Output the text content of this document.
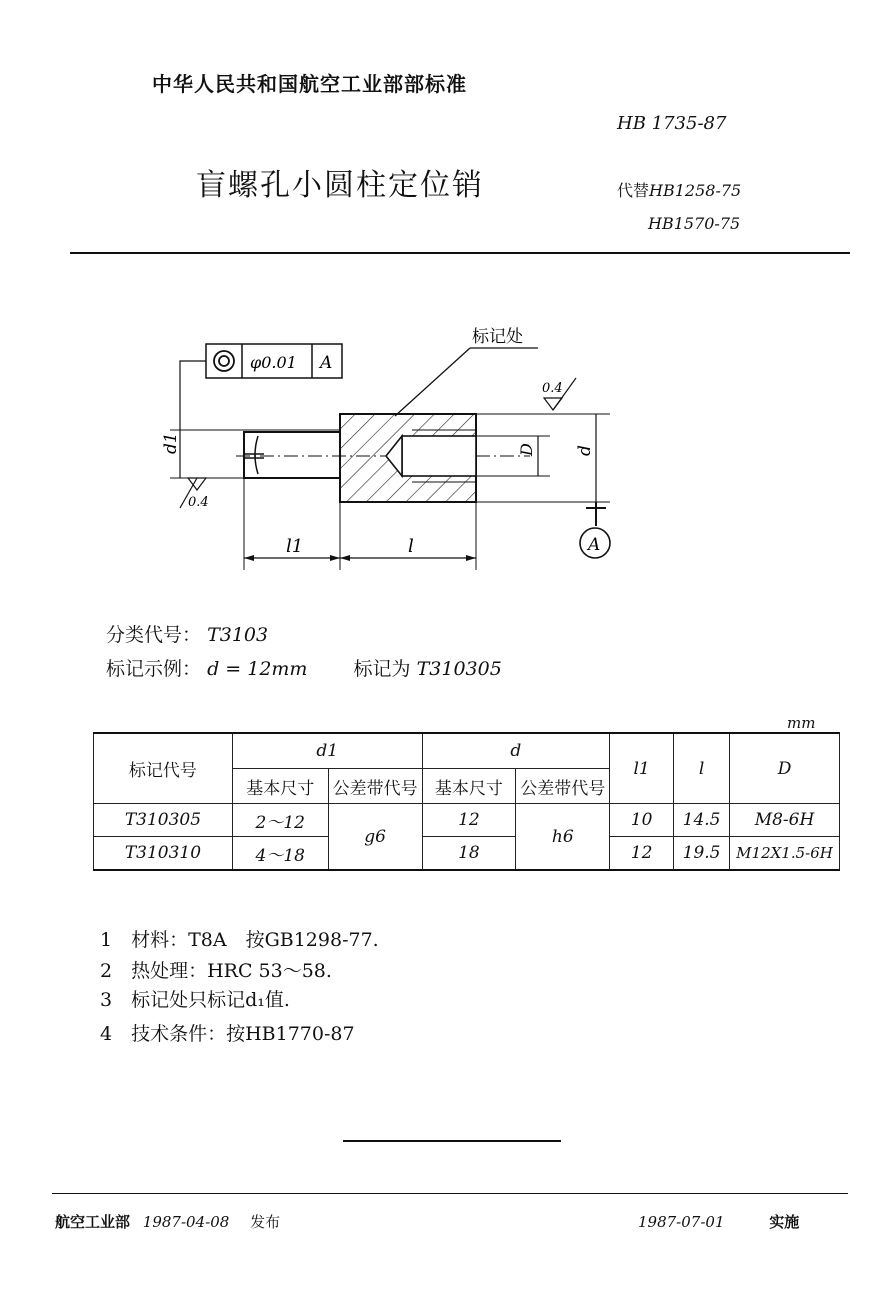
中华人民共和国航空工业部部标准
HB 1735-87
盲螺孔小圆柱定位销	代替HB1258-75
HB1570-75
标记处
φ0.01 A
d1
0.4
0.4
D d
A
l1	l
分类代号： T3103
标记示例： d = 12mm 标记为 T310305
mm
标记代号	d1		d		l1	l	D
	基本尺寸	公差带代号	基本尺寸	公差带代号			
T310305	2～12	g6	12	h6	10	14.5	M8-6H
T310310	4～18		18		12	19.5	M12X1.5-6H
1　材料：T8A　按GB1298-77.
2　热处理：HRC 53～58.
3　标记处只标记d₁值.
4　技术条件：按HB1770-87
航空工业部 1987-04-08 发布	1987-07-01	实施
